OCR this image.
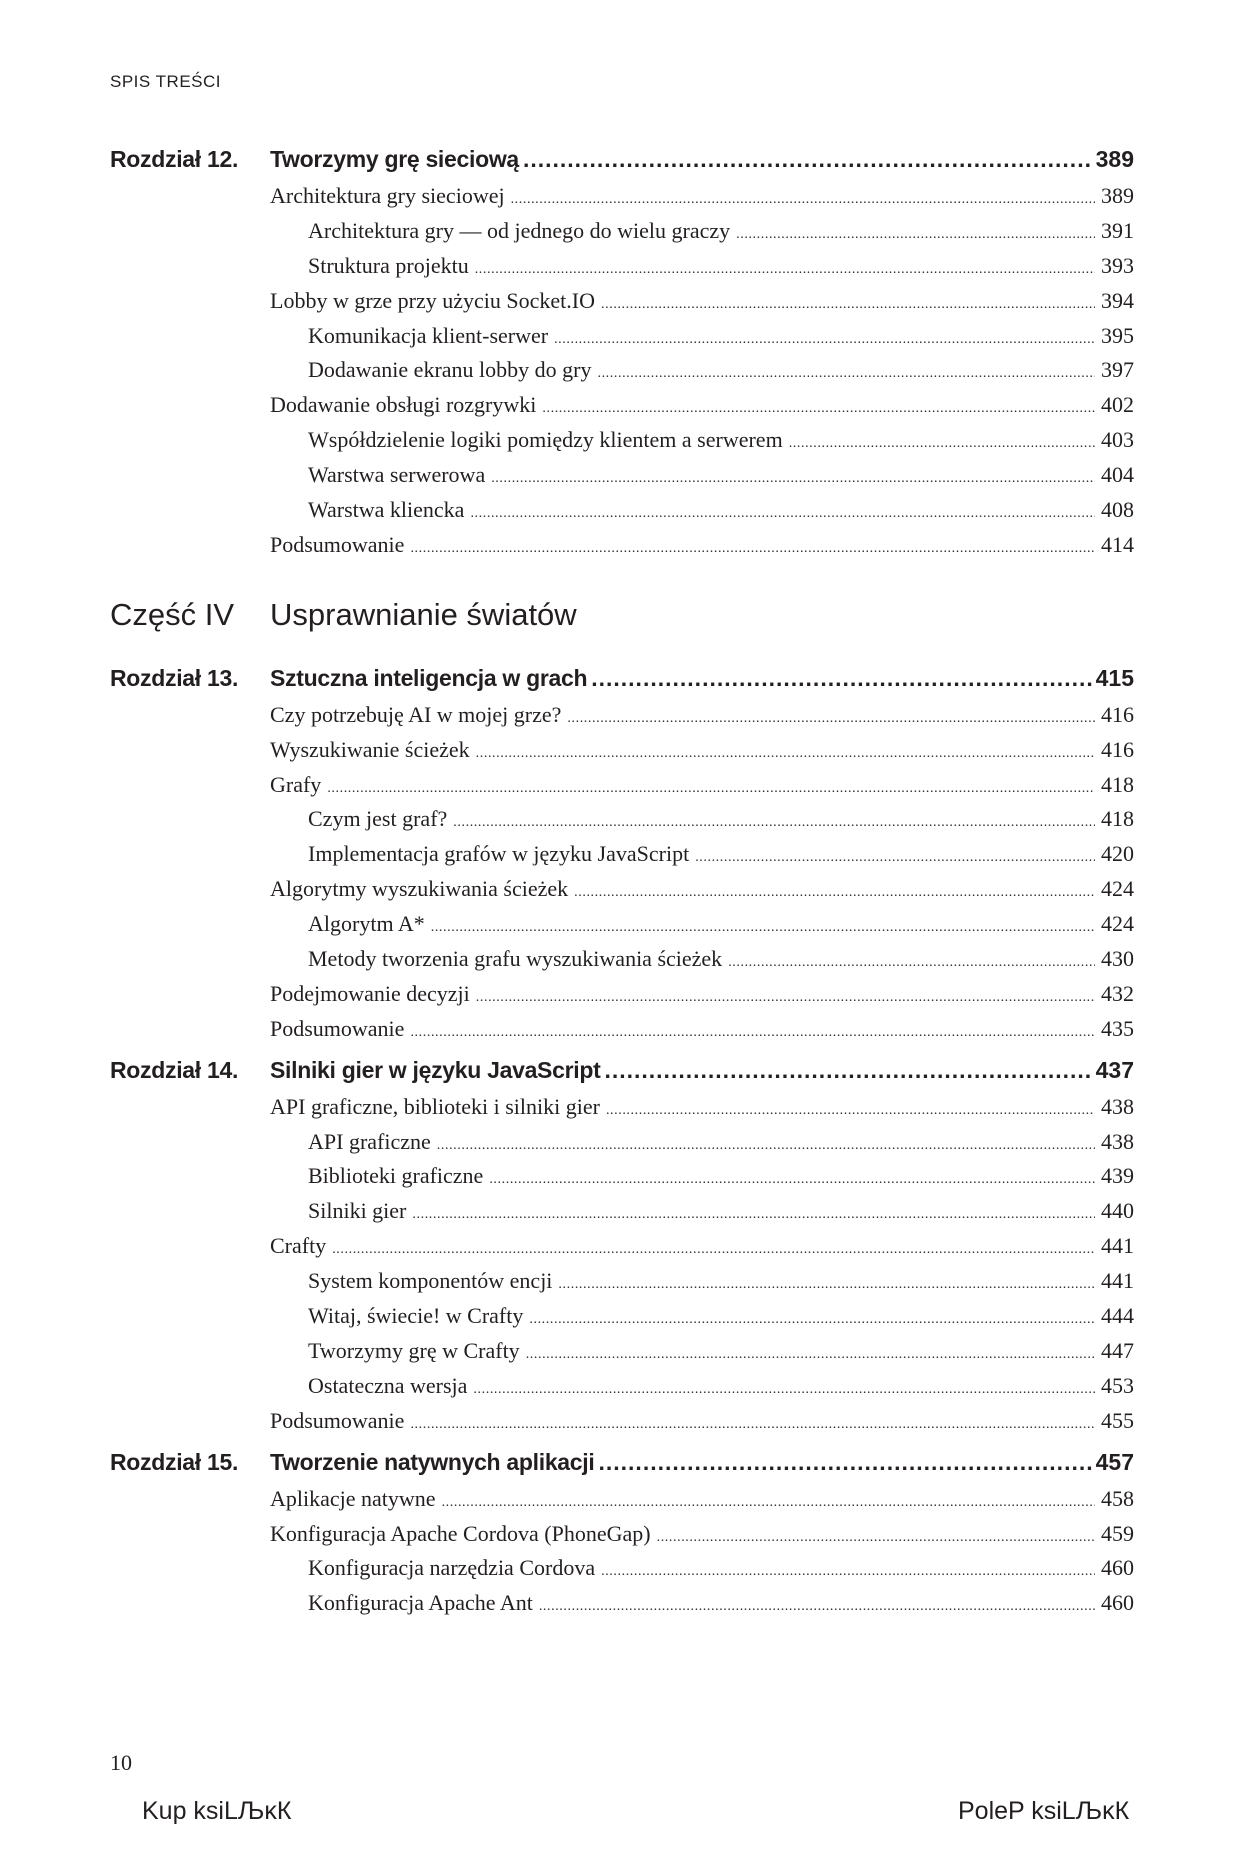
SPIS TREŚCI
Rozdział 12.	Tworzymy grę sieciową .....	389
Architektura gry sieciowej .....	389
Architektura gry — od jednego do wielu graczy .....	391
Struktura projektu .....	393
Lobby w grze przy użyciu Socket.IO .....	394
Komunikacja klient-serwer .....	395
Dodawanie ekranu lobby do gry .....	397
Dodawanie obsługi rozgrywki .....	402
Współdzielenie logiki pomiędzy klientem a serwerem .....	403
Warstwa serwerowa .....	404
Warstwa kliencka .....	408
Podsumowanie .....	414
Część IV	Usprawnianie światów
Rozdział 13.	Sztuczna inteligencja w grach .....	415
Czy potrzebuję AI w mojej grze? .....	416
Wyszukiwanie ścieżek .....	416
Grafy .....	418
Czym jest graf? .....	418
Implementacja grafów w języku JavaScript .....	420
Algorytmy wyszukiwania ścieżek .....	424
Algorytm A* .....	424
Metody tworzenia grafu wyszukiwania ścieżek .....	430
Podejmowanie decyzji .....	432
Podsumowanie .....	435
Rozdział 14.	Silniki gier w języku JavaScript .....	437
API graficzne, biblioteki i silniki gier .....	438
API graficzne .....	438
Biblioteki graficzne .....	439
Silniki gier .....	440
Crafty .....	441
System komponentów encji .....	441
Witaj, świecie! w Crafty .....	444
Tworzymy grę w Crafty .....	447
Ostateczna wersja .....	453
Podsumowanie .....	455
Rozdział 15.	Tworzenie natywnych aplikacji .....	457
Aplikacje natywne .....	458
Konfiguracja Apache Cordova (PhoneGap) .....	459
Konfiguracja narzędzia Cordova .....	460
Konfiguracja Apache Ant .....	460
10
Kup ksiLЉĸК	PoleP ksiLЉĸК
